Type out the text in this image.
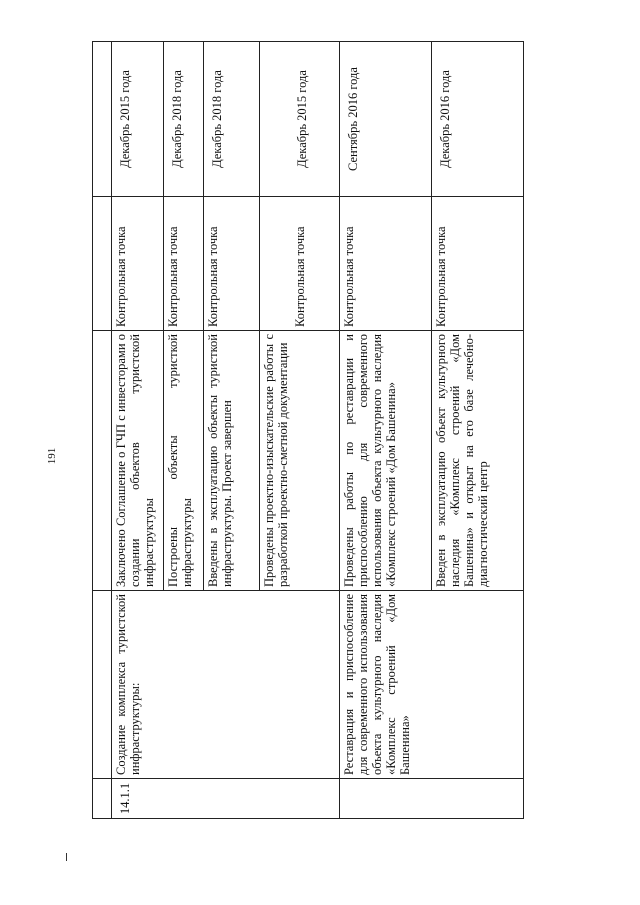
191

14.1.1	Создание комплекса туристской инфраструктуры:	Заключено Соглашение о ГЧП с инвесторами о создании объектов туристской инфраструктуры	Контрольная точка	Декабрь 2015 года
		Построены объекты туристкой инфраструктуры	Контрольная точка	Декабрь 2018 года
		Введены в эксплуатацию объекты туристкой инфраструктуры. Проект завершен	Контрольная точка	Декабрь 2018 года
		Проведены проектно-изыскательские работы с разработкой проектно-сметной документации	Контрольная точка	Декабрь 2015 года
	Реставрация и приспособление для современного использования объекта культурного наследия «Комплекс строений «Дом Башенина»	Проведены работы по реставрации и приспособлению для современного использования объекта культурного наследия «Комплекс строений «Дом Башенина»	Контрольная точка	Сентябрь 2016 года
		Введен в эксплуатацию объект культурного наследия «Комплекс строений «Дом Башенина» и открыт на его базе лечебно-диагностический центр	Контрольная точка	Декабрь 2016 года
